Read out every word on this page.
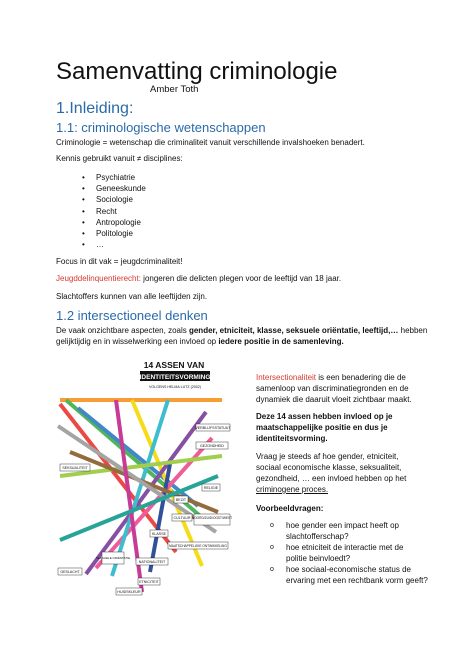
Samenvatting criminologie
Amber Toth
1.Inleiding:
1.1: criminologische wetenschappen
Criminologie = wetenschap die criminaliteit vanuit verschillende invalshoeken benadert.
Kennis gebruikt vanuit ≠ disciplines:
• Psychiatrie
• Geneeskunde
• Sociologie
• Recht
• Antropologie
• Politologie
• …
Focus in dit vak = jeugdcriminaliteit!
Jeugddelinquentierecht: jongeren die delicten plegen voor de leeftijd van 18 jaar.
Slachtoffers kunnen van alle leeftijden zijn.
1.2 intersectioneel denken
De vaak onzichtbare aspecten, zoals gender, etniciteit, klasse, seksuele oriëntatie, leeftijd,… hebben
gelijktijdig en in wisselwerking een invloed op iedere positie in de samenleving.
14 ASSEN VAN
IDENTITEITSVORMING
VOLGENS HELMA LUTZ (2002)
VERBLIJFSSTATUUT
GEZONDHEID
SEKSUALITEIT
RELIGIE
BEZIT
CULTUUR NOORD/ZUID/OOST/WEST
KLASSE
MAATSCHAPPELIJKE ONTWIKKELING
SEKSUELE ORIËNTATIE
NATIONALITEIT
GESLACHT
ETNICITEIT
HUIDSKLEUR
Intersectionaliteit is een benadering die de
samenloop van discriminatiegronden en de
dynamiek die daaruit vloeit zichtbaar maakt.
Deze 14 assen hebben invloed op je
maatschappelijke positie en dus je
identiteitsvorming.
Vraag je steeds af hoe gender, etniciteit,
sociaal economische klasse, seksualiteit,
gezondheid, … een invloed hebben op het
criminogene proces.
Voorbeeldvragen:
o hoe gender een impact heeft op
slachtofferschap?
o hoe etniciteit de interactie met de
politie beinvloedt?
o hoe sociaal-economische status de
ervaring met een rechtbank vorm geeft?
